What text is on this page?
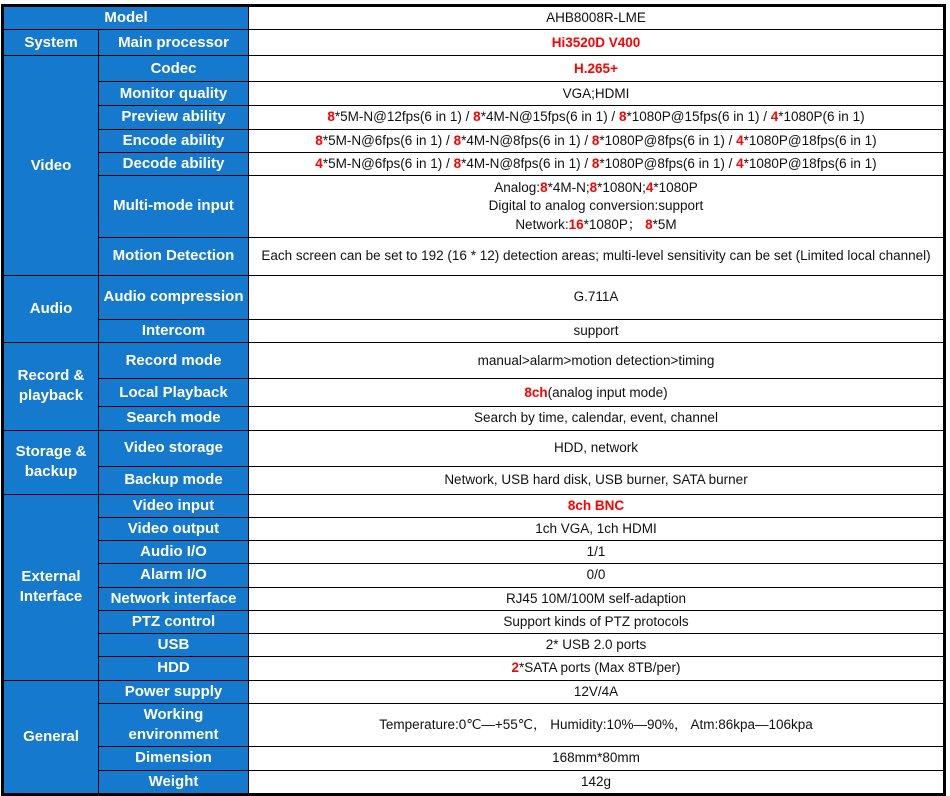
Model		AHB8008R-LME

System	Main processor	Hi3520D V400

Video	Codec	H.265+

	Monitor quality	VGA;HDMI

	Preview ability	8*5M-N@12fps(6 in 1) / 8*4M-N@15fps(6 in 1) / 8*1080P@15fps(6 in 1) / 4*1080P(6 in 1)

	Encode ability	8*5M-N@6fps(6 in 1) / 8*4M-N@8fps(6 in 1) / 8*1080P@8fps(6 in 1) / 4*1080P@18fps(6 in 1)

	Decode ability	4*5M-N@6fps(6 in 1) / 8*4M-N@8fps(6 in 1) / 8*1080P@8fps(6 in 1) / 4*1080P@18fps(6 in 1)

	Multi-mode input	Analog:8*4M-N;8*1080N;4*1080P
Digital to analog conversion:support
Network:16*1080P； 8*5M

	Motion Detection	Each screen can be set to 192 (16 * 12) detection areas; multi-level sensitivity can be set (Limited local channel)

Audio	Audio compression	G.711A

	Intercom	support

Record & playback	Record mode	manual>alarm>motion detection>timing

	Local Playback	8ch(analog input mode)

	Search mode	Search by time, calendar, event, channel

Storage & backup	Video storage	HDD, network

	Backup mode	Network, USB hard disk, USB burner, SATA burner

External Interface	Video input	8ch BNC

	Video output	1ch VGA, 1ch HDMI

	Audio I/O	1/1

	Alarm I/O	0/0

	Network interface	RJ45 10M/100M self-adaption

	PTZ control	Support kinds of PTZ protocols

	USB	2* USB 2.0 ports

	HDD	2*SATA ports (Max 8TB/per)

General	Power supply	12V/4A

	Working environment	Temperature:0℃—+55℃， Humidity:10%—90%， Atm:86kpa—106kpa

	Dimension	168mm*80mm

	Weight	142g
